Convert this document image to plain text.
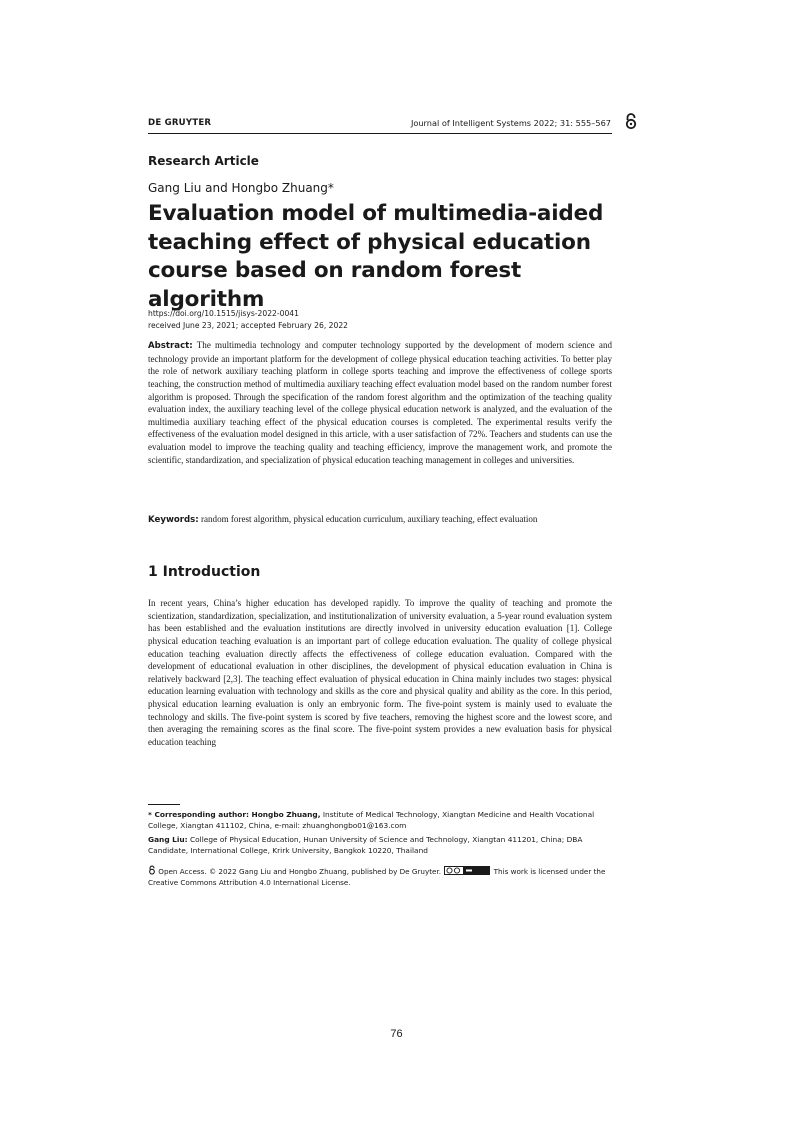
DE GRUYTER	Journal of Intelligent Systems 2022; 31: 555–567
Research Article
Gang Liu and Hongbo Zhuang*
Evaluation model of multimedia-aided teaching effect of physical education course based on random forest algorithm
https://doi.org/10.1515/jisys-2022-0041
received June 23, 2021; accepted February 26, 2022
Abstract: The multimedia technology and computer technology supported by the development of modern science and technology provide an important platform for the development of college physical education teaching activities. To better play the role of network auxiliary teaching platform in college sports teaching and improve the effectiveness of college sports teaching, the construction method of multimedia auxiliary teaching effect evaluation model based on the random number forest algorithm is proposed. Through the specification of the random forest algorithm and the optimization of the teaching quality evaluation index, the auxiliary teaching level of the college physical education network is analyzed, and the evaluation of the multimedia auxiliary teaching effect of the physical education courses is completed. The experimental results verify the effectiveness of the evaluation model designed in this article, with a user satisfaction of 72%. Teachers and students can use the evaluation model to improve the teaching quality and teaching efficiency, improve the management work, and promote the scientific, standardization, and specialization of physical education teaching management in colleges and universities.
Keywords: random forest algorithm, physical education curriculum, auxiliary teaching, effect evaluation
1 Introduction
In recent years, China’s higher education has developed rapidly. To improve the quality of teaching and promote the scientization, standardization, specialization, and institutionalization of university evaluation, a 5-year round evaluation system has been established and the evaluation institutions are directly involved in university education evaluation [1]. College physical education teaching evaluation is an important part of college education evaluation. The quality of college physical education teaching evaluation directly affects the effectiveness of college education evaluation. Compared with the development of educational evaluation in other disciplines, the development of physical education evaluation in China is relatively backward [2,3]. The teaching effect evaluation of physical education in China mainly includes two stages: physical education learning evaluation with technology and skills as the core and physical quality and ability as the core. In this period, physical education learning evaluation is only an embryonic form. The five-point system is mainly used to evaluate the technology and skills. The five-point system is scored by five teachers, removing the highest score and the lowest score, and then averaging the remaining scores as the final score. The five-point system provides a new evaluation basis for physical education teaching
* Corresponding author: Hongbo Zhuang, Institute of Medical Technology, Xiangtan Medicine and Health Vocational College, Xiangtan 411102, China, e-mail: zhuanghongbo01@163.com
Gang Liu: College of Physical Education, Hunan University of Science and Technology, Xiangtan 411201, China; DBA Candidate, International College, Krirk University, Bangkok 10220, Thailand
Open Access. © 2022 Gang Liu and Hongbo Zhuang, published by De Gruyter.	This work is licensed under the Creative Commons Attribution 4.0 International License.
76
